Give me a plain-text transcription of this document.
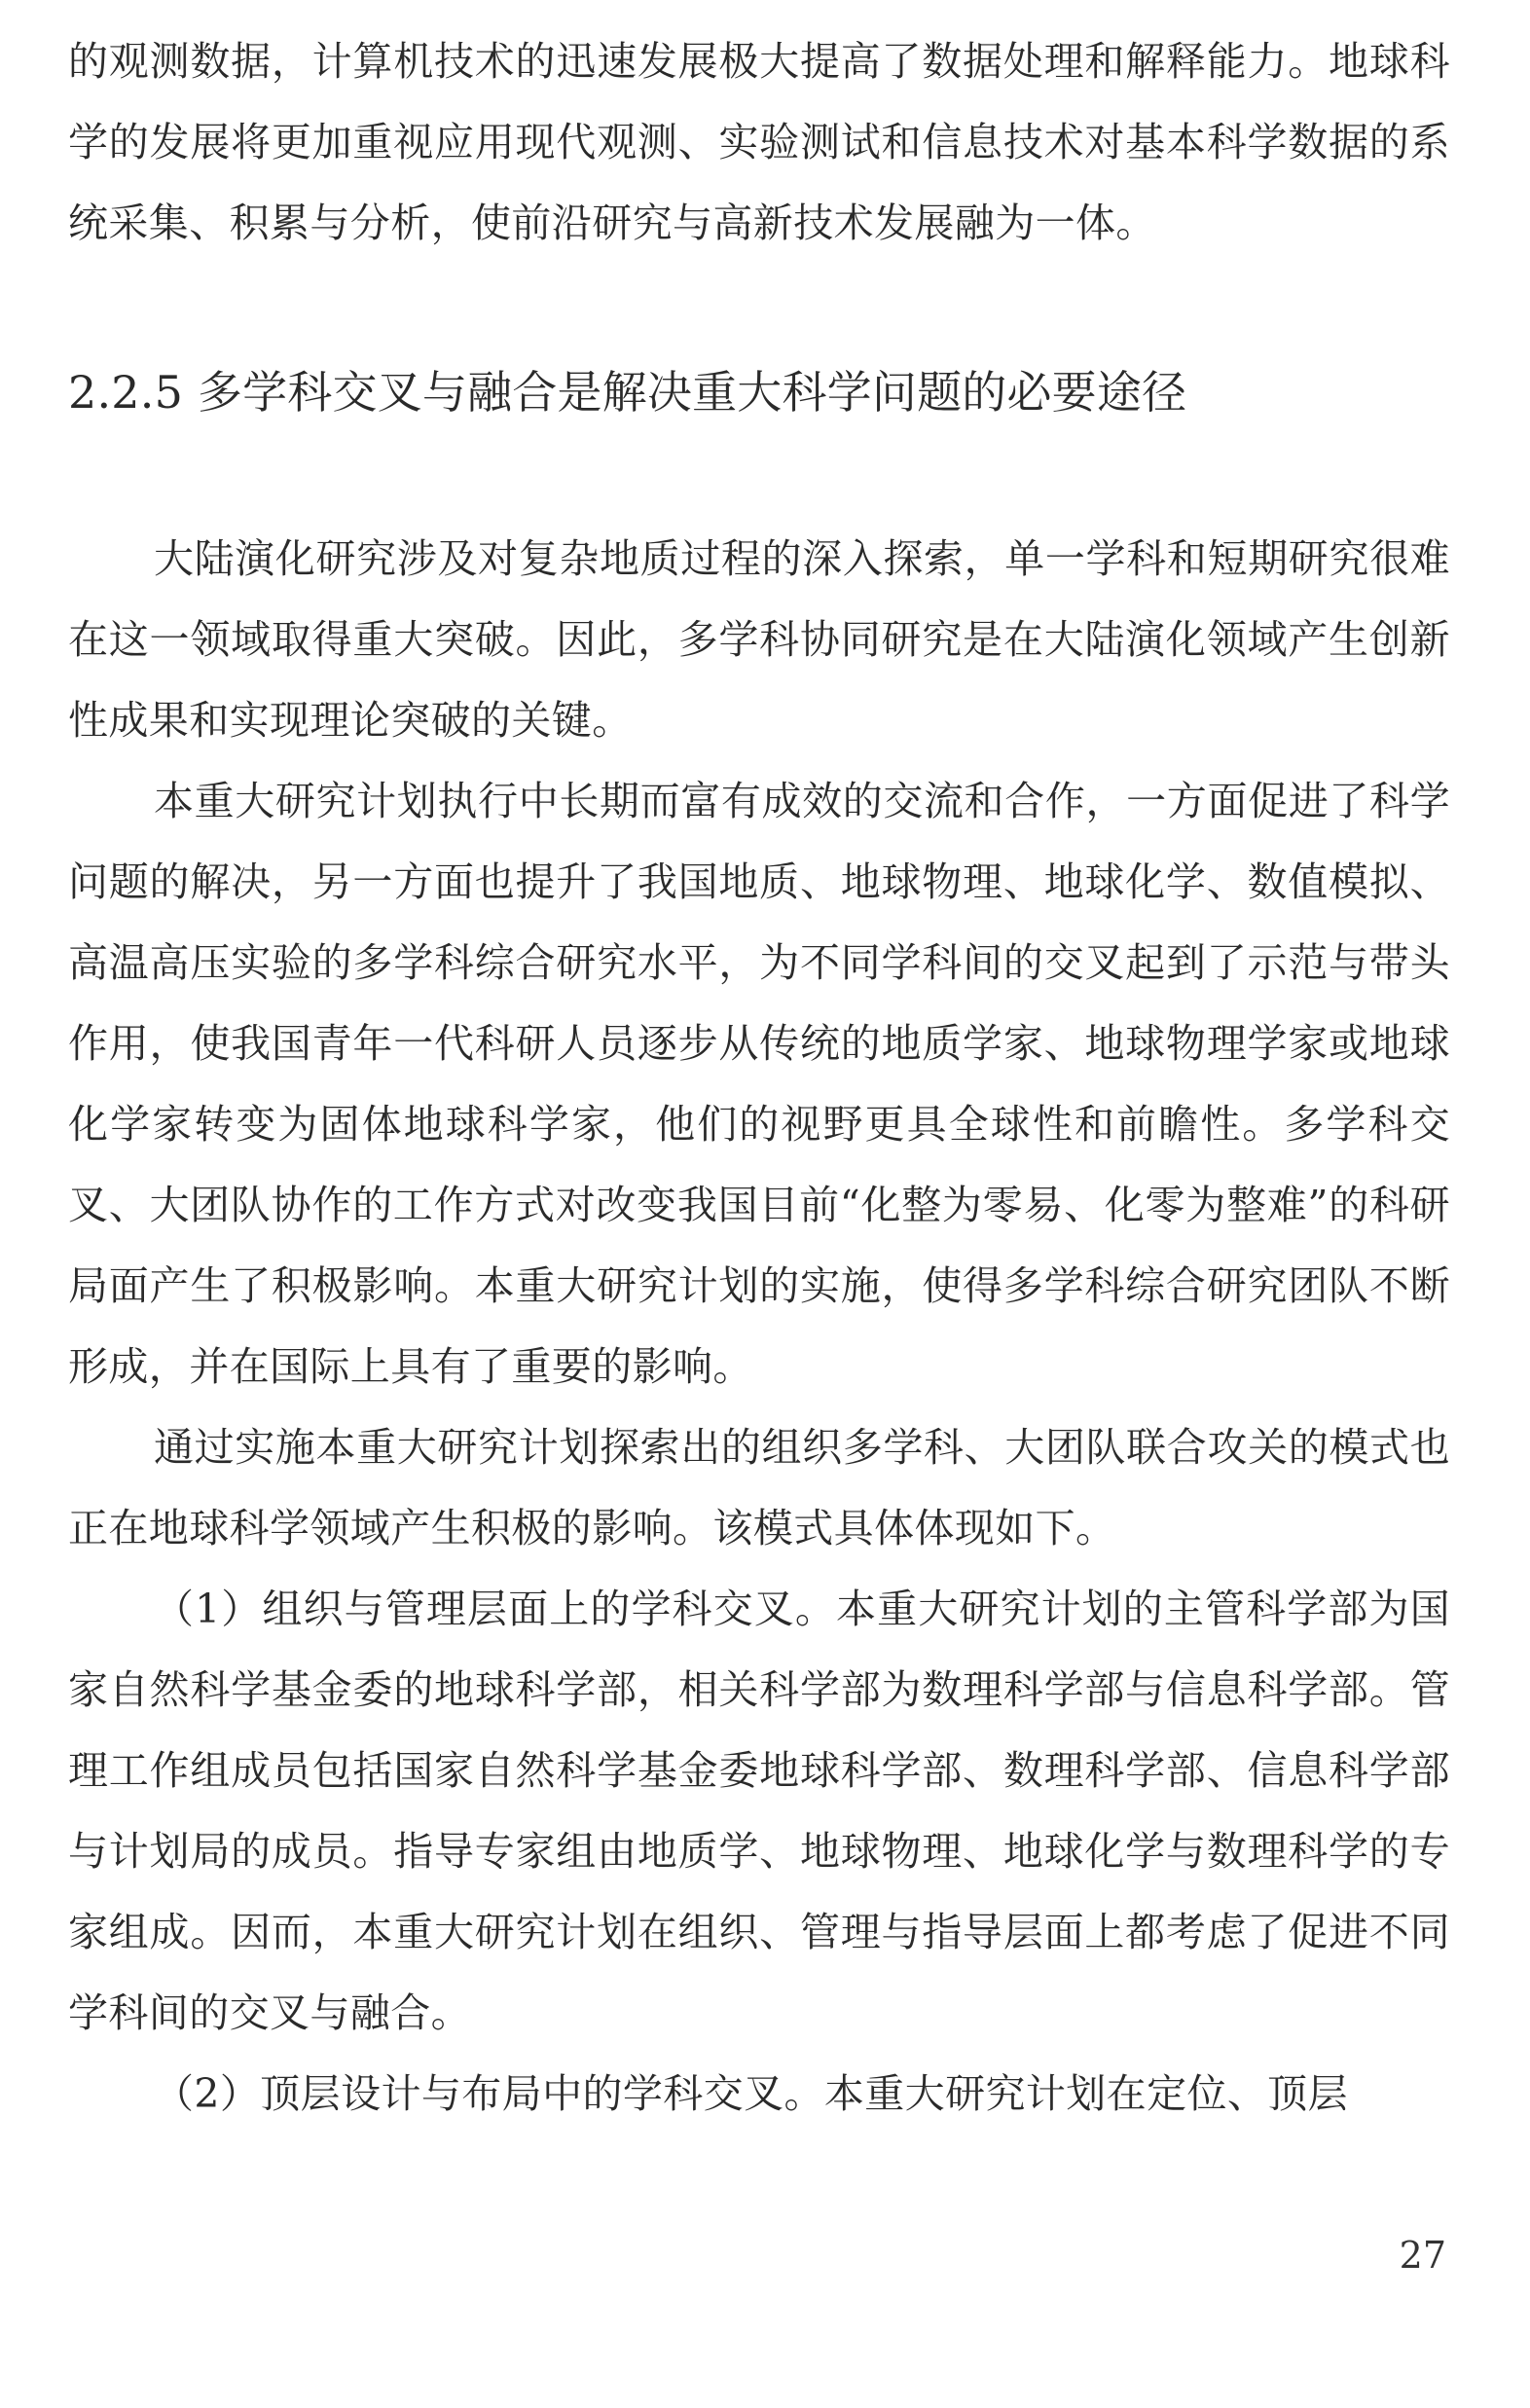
的观测数据，计算机技术的迅速发展极大提高了数据处理和解释能力。地球科学的发展将更加重视应用现代观测、实验测试和信息技术对基本科学数据的系统采集、积累与分析，使前沿研究与高新技术发展融为一体。

2.2.5 多学科交叉与融合是解决重大科学问题的必要途径

大陆演化研究涉及对复杂地质过程的深入探索，单一学科和短期研究很难在这一领域取得重大突破。因此，多学科协同研究是在大陆演化领域产生创新性成果和实现理论突破的关键。

本重大研究计划执行中长期而富有成效的交流和合作，一方面促进了科学问题的解决，另一方面也提升了我国地质、地球物理、地球化学、数值模拟、高温高压实验的多学科综合研究水平，为不同学科间的交叉起到了示范与带头作用，使我国青年一代科研人员逐步从传统的地质学家、地球物理学家或地球化学家转变为固体地球科学家，他们的视野更具全球性和前瞻性。多学科交叉、大团队协作的工作方式对改变我国目前“化整为零易、化零为整难”的科研局面产生了积极影响。本重大研究计划的实施，使得多学科综合研究团队不断形成，并在国际上具有了重要的影响。

通过实施本重大研究计划探索出的组织多学科、大团队联合攻关的模式也正在地球科学领域产生积极的影响。该模式具体体现如下。

（1）组织与管理层面上的学科交叉。本重大研究计划的主管科学部为国家自然科学基金委的地球科学部，相关科学部为数理科学部与信息科学部。管理工作组成员包括国家自然科学基金委地球科学部、数理科学部、信息科学部与计划局的成员。指导专家组由地质学、地球物理、地球化学与数理科学的专家组成。因而，本重大研究计划在组织、管理与指导层面上都考虑了促进不同学科间的交叉与融合。

（2）顶层设计与布局中的学科交叉。本重大研究计划在定位、顶层

27
